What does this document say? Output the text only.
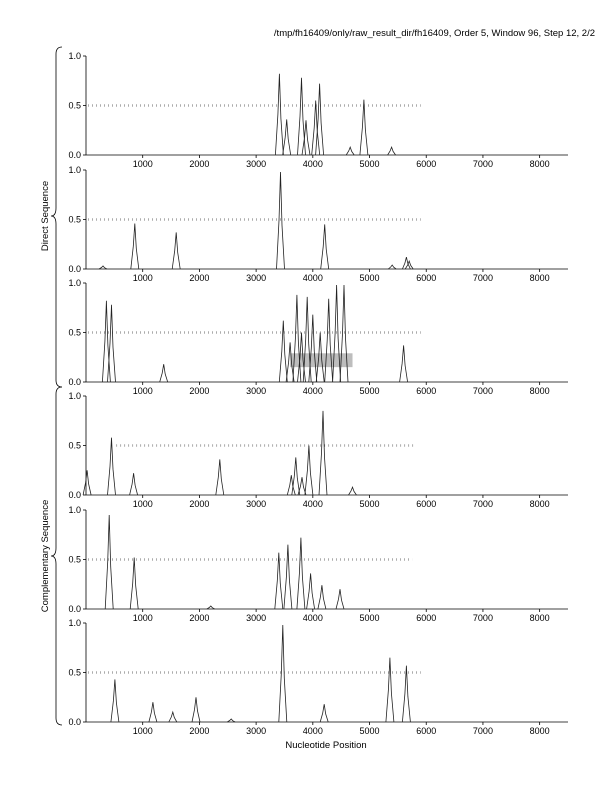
/tmp/fh16409/only/raw_result_dir/fh16409, Order 5, Window 96, Step 12, 2/2
Direct Sequence
Complementary Sequence
0.0
0.5
1.0
1000	2000	3000	4000	5000	6000	7000	8000
0.0
0.5
1.0
1000	2000	3000	4000	5000	6000	7000	8000
0.0
0.5
1.0
1000	2000	3000	4000	5000	6000	7000	8000
0.0
0.5
1.0
1000	2000	3000	4000	5000	6000	7000	8000
0.0
0.5
1.0
1000	2000	3000	4000	5000	6000	7000	8000
0.0
0.5
1.0
1000	2000	3000	4000	5000	6000	7000	8000
Nucleotide Position
